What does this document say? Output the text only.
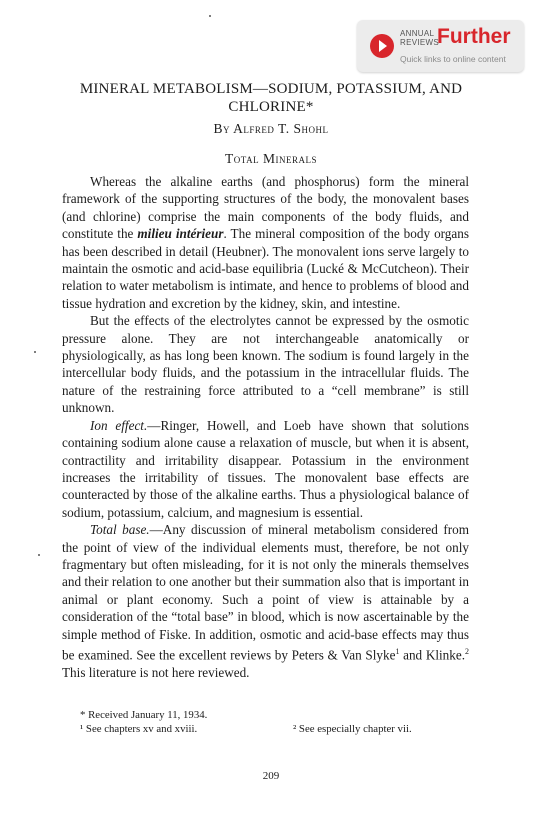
ANNUAL
REVIEWS
Further
Quick links to online content
MINERAL METABOLISM—SODIUM, POTASSIUM, AND
CHLORINE*
By Alfred T. Shohl
Total Minerals

Whereas the alkaline earths (and phosphorus) form the mineral framework of the supporting structures of the body, the monovalent bases (and chlorine) comprise the main components of the body fluids, and constitute the milieu intérieur. The mineral composition of the body organs has been described in detail (Heubner). The monovalent ions serve largely to maintain the osmotic and acid-base equilibria (Lucké & McCutcheon). Their relation to water metabolism is intimate, and hence to problems of blood and tissue hydration and excretion by the kidney, skin, and intestine.

But the effects of the electrolytes cannot be expressed by the osmotic pressure alone. They are not interchangeable anatomically or physiologically, as has long been known. The sodium is found largely in the intercellular body fluids, and the potassium in the intracellular fluids. The nature of the restraining force attributed to a “cell membrane” is still unknown.

Ion effect.—Ringer, Howell, and Loeb have shown that solutions containing sodium alone cause a relaxation of muscle, but when it is absent, contractility and irritability disappear. Potassium in the environment increases the irritability of tissues. The monovalent base effects are counteracted by those of the alkaline earths. Thus a physiological balance of sodium, potassium, calcium, and magnesium is essential.

Total base.—Any discussion of mineral metabolism considered from the point of view of the individual elements must, therefore, be not only fragmentary but often misleading, for it is not only the minerals themselves and their relation to one another but their summation also that is important in animal or plant economy. Such a point of view is attainable by a consideration of the “total base” in blood, which is now ascertainable by the simple method of Fiske. In addition, osmotic and acid-base effects may thus be examined. See the excellent reviews by Peters & Van Slyke$^1$ and Klinke.$^2$ This literature is not here reviewed.

* Received January 11, 1934.
¹ See chapters xv and xviii.	² See especially chapter vii.
209
